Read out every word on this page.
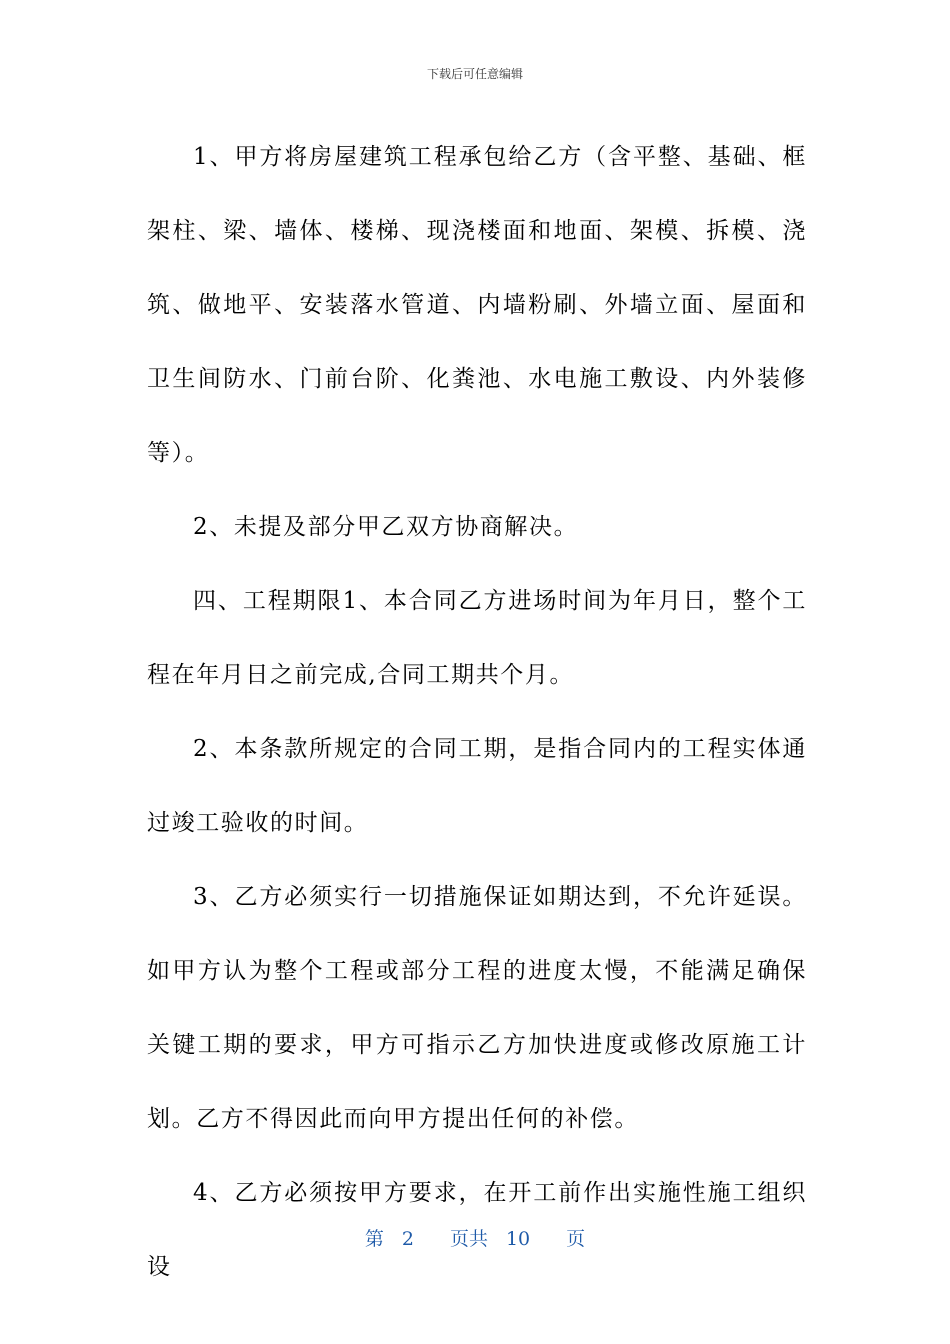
下载后可任意编辑

1、甲方将房屋建筑工程承包给乙方（含平整、基础、框架柱、梁、墙体、楼梯、现浇楼面和地面、架模、拆模、浇筑、做地平、安装落水管道、内墙粉刷、外墙立面、屋面和卫生间防水、门前台阶、化粪池、水电施工敷设、内外装修等）。

2、未提及部分甲乙双方协商解决。

四、工程期限1、本合同乙方进场时间为年月日，整个工程在年月日之前完成,合同工期共个月。

2、本条款所规定的合同工期，是指合同内的工程实体通过竣工验收的时间。

3、乙方必须实行一切措施保证如期达到，不允许延误。如甲方认为整个工程或部分工程的进度太慢，不能满足确保关键工期的要求，甲方可指示乙方加快进度或修改原施工计划。乙方不得因此而向甲方提出任何的补偿。

4、乙方必须按甲方要求，在开工前作出实施性施工组织设

第 2 页共 10 页
